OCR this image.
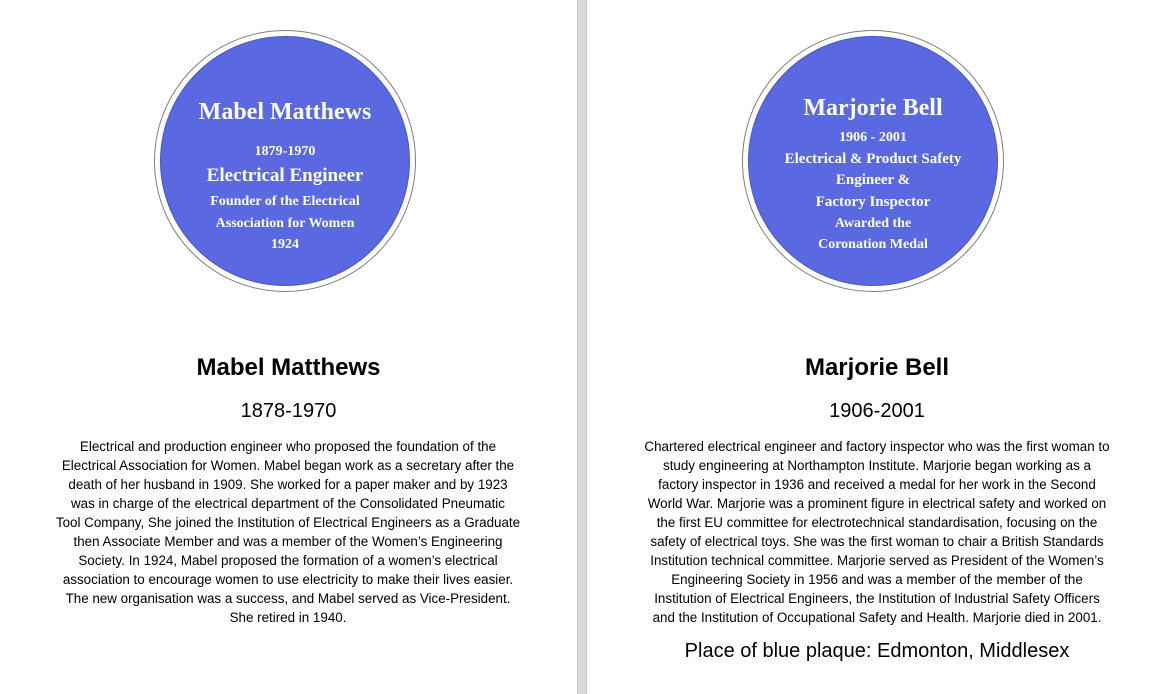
Mabel Matthews
1878-1970
Electrical and production engineer who proposed the foundation of the
Electrical Association for Women. Mabel began work as a secretary after the
death of her husband in 1909. She worked for a paper maker and by 1923
was in charge of the electrical department of the Consolidated Pneumatic
Tool Company, She joined the Institution of Electrical Engineers as a Graduate
then Associate Member and was a member of the Women’s Engineering
Society. In 1924, Mabel proposed the formation of a women’s electrical
association to encourage women to use electricity to make their lives easier.
The new organisation was a success, and Mabel served as Vice-President.
She retired in 1940.
Mabel Matthews
1879-1970
Electrical Engineer
Founder of the Electrical
Association for Women
1924
Marjorie Bell
1906-2001
Chartered electrical engineer and factory inspector who was the first woman to
study engineering at Northampton Institute. Marjorie began working as a
factory inspector in 1936 and received a medal for her work in the Second
World War. Marjorie was a prominent figure in electrical safety and worked on
the first EU committee for electrotechnical standardisation, focusing on the
safety of electrical toys. She was the first woman to chair a British Standards
Institution technical committee. Marjorie served as President of the Women’s
Engineering Society in 1956 and was a member of the member of the
Institution of Electrical Engineers, the Institution of Industrial Safety Officers
and the Institution of Occupational Safety and Health. Marjorie died in 2001.
Place of blue plaque: Edmonton, Middlesex
Marjorie Bell
1906 - 2001
Electrical & Product Safety
Engineer &
Factory Inspector
Awarded the
Coronation Medal
